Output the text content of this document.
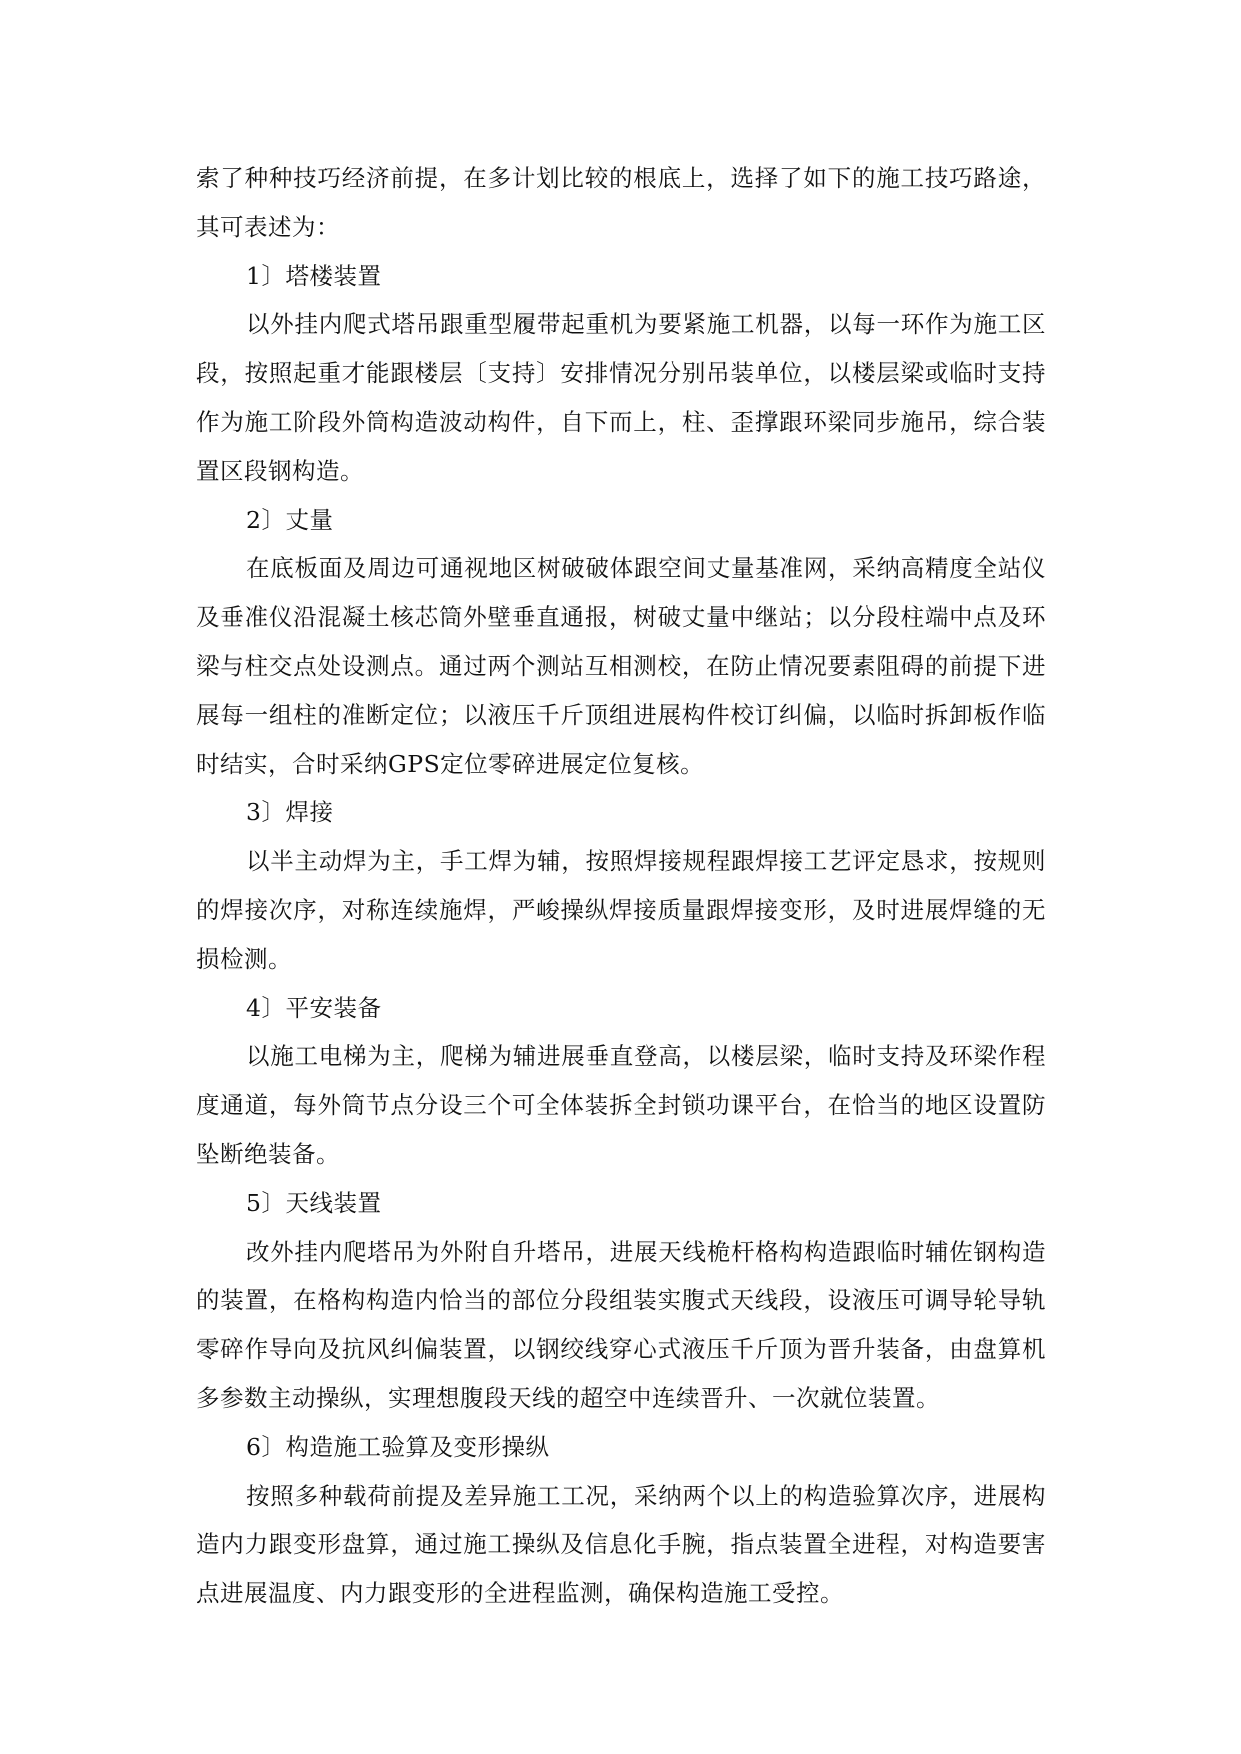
索了种种技巧经济前提，在多计划比较的根底上，选择了如下的施工技巧路途，其可表述为：

1〕塔楼装置

以外挂内爬式塔吊跟重型履带起重机为要紧施工机器，以每一环作为施工区段，按照起重才能跟楼层〔支持〕安排情况分别吊装单位，以楼层梁或临时支持作为施工阶段外筒构造波动构件，自下而上，柱、歪撑跟环梁同步施吊，综合装置区段钢构造。

2〕丈量

在底板面及周边可通视地区树破破体跟空间丈量基准网，采纳高精度全站仪及垂准仪沿混凝土核芯筒外壁垂直通报，树破丈量中继站；以分段柱端中点及环梁与柱交点处设测点。通过两个测站互相测校，在防止情况要素阻碍的前提下进展每一组柱的准断定位；以液压千斤顶组进展构件校订纠偏，以临时拆卸板作临时结实，合时采纳GPS定位零碎进展定位复核。

3〕焊接

以半主动焊为主，手工焊为辅，按照焊接规程跟焊接工艺评定恳求，按规则的焊接次序，对称连续施焊，严峻操纵焊接质量跟焊接变形，及时进展焊缝的无损检测。

4〕平安装备

以施工电梯为主，爬梯为辅进展垂直登高，以楼层梁，临时支持及环梁作程度通道，每外筒节点分设三个可全体装拆全封锁功课平台，在恰当的地区设置防坠断绝装备。

5〕天线装置

改外挂内爬塔吊为外附自升塔吊，进展天线桅杆格构构造跟临时辅佐钢构造的装置，在格构构造内恰当的部位分段组装实腹式天线段，设液压可调导轮导轨零碎作导向及抗风纠偏装置，以钢绞线穿心式液压千斤顶为晋升装备，由盘算机多参数主动操纵，实理想腹段天线的超空中连续晋升、一次就位装置。

6〕构造施工验算及变形操纵

按照多种载荷前提及差异施工工况，采纳两个以上的构造验算次序，进展构造内力跟变形盘算，通过施工操纵及信息化手腕，指点装置全进程，对构造要害点进展温度、内力跟变形的全进程监测，确保构造施工受控。
